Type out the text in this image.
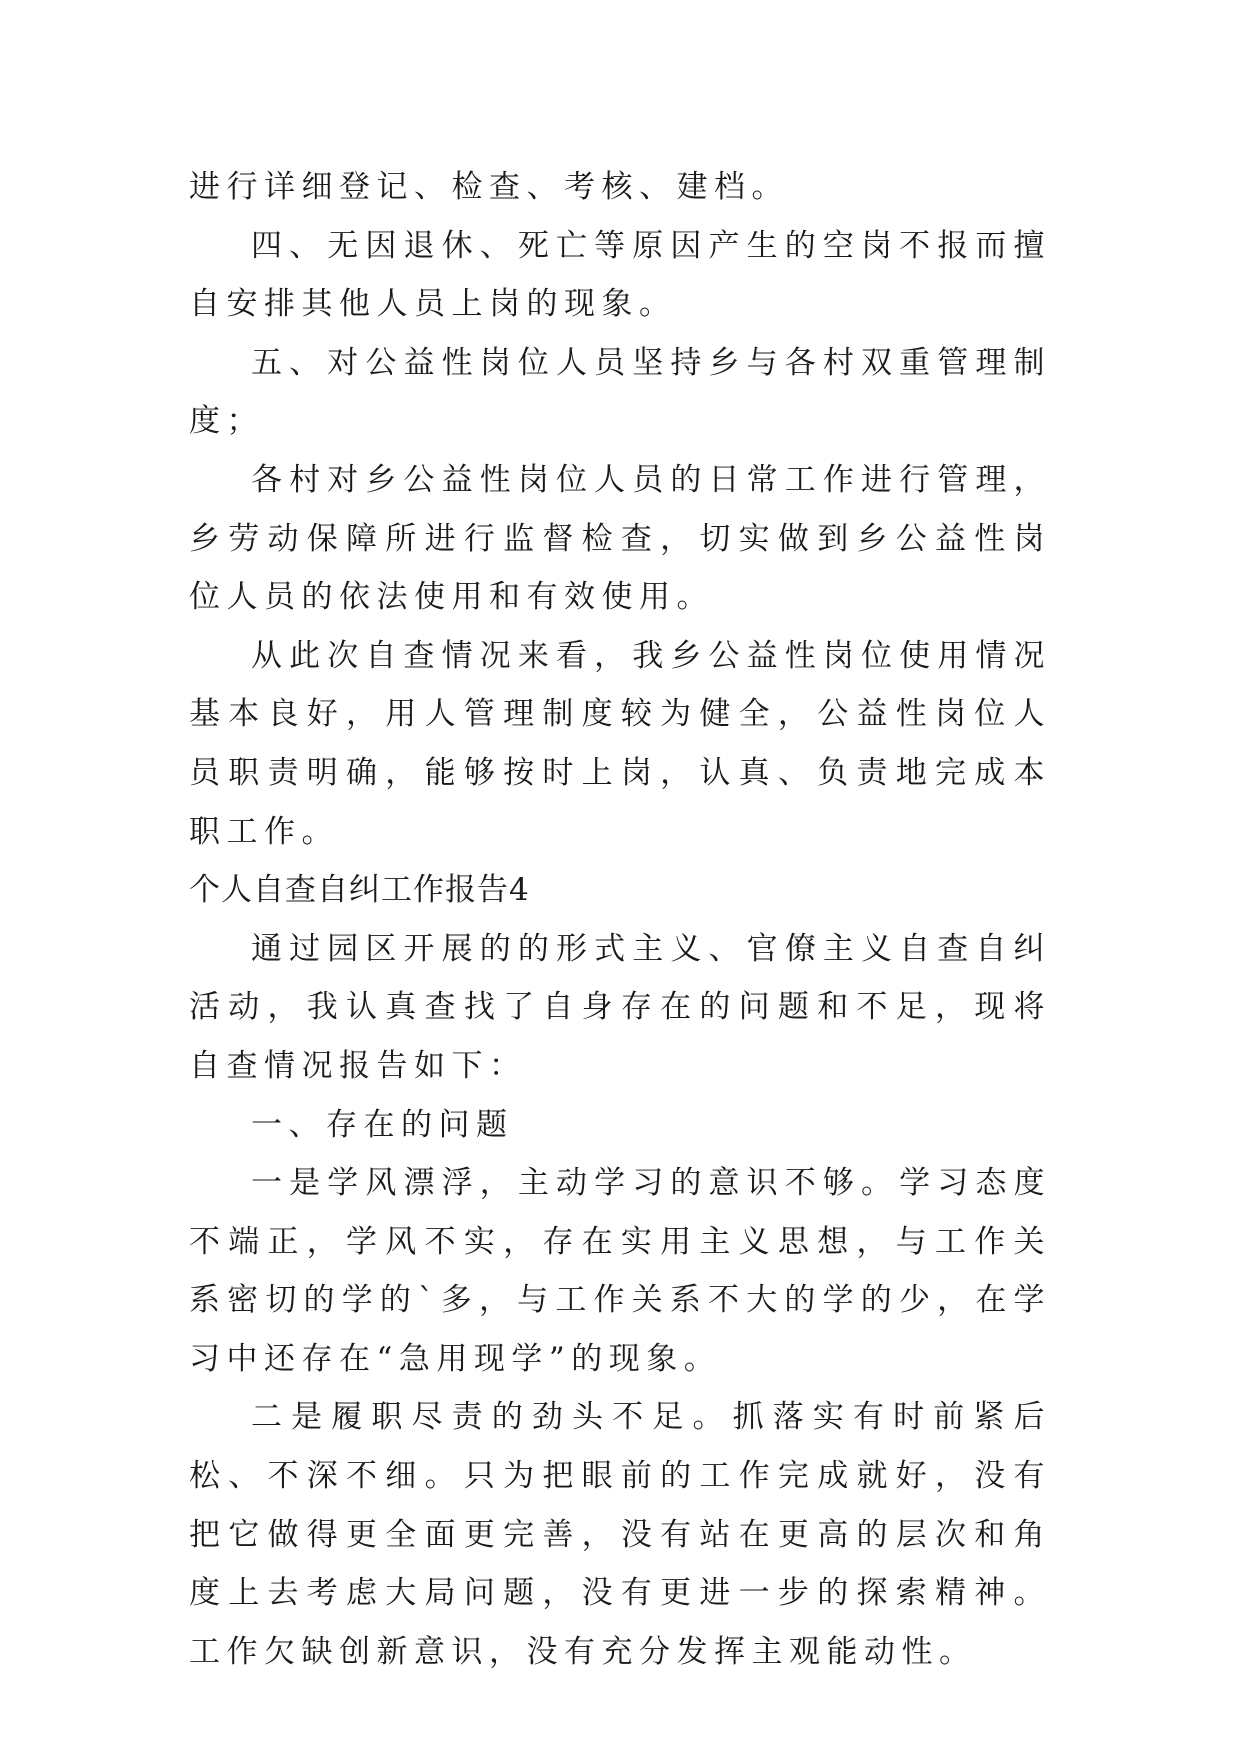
进行详细登记、检查、考核、建档。

四、无因退休、死亡等原因产生的空岗不报而擅自安排其他人员上岗的现象。

五、对公益性岗位人员坚持乡与各村双重管理制度；

各村对乡公益性岗位人员的日常工作进行管理，乡劳动保障所进行监督检查，切实做到乡公益性岗位人员的依法使用和有效使用。

从此次自查情况来看，我乡公益性岗位使用情况基本良好，用人管理制度较为健全，公益性岗位人员职责明确，能够按时上岗，认真、负责地完成本职工作。

个人自查自纠工作报告4

通过园区开展的的形式主义、官僚主义自查自纠活动，我认真查找了自身存在的问题和不足，现将自查情况报告如下：

一、存在的问题

一是学风漂浮，主动学习的意识不够。学习态度不端正，学风不实，存在实用主义思想，与工作关系密切的学的`多，与工作关系不大的学的少，在学习中还存在“急用现学”的现象。

二是履职尽责的劲头不足。抓落实有时前紧后松、不深不细。只为把眼前的工作完成就好，没有把它做得更全面更完善，没有站在更高的层次和角度上去考虑大局问题，没有更进一步的探索精神。工作欠缺创新意识，没有充分发挥主观能动性。
